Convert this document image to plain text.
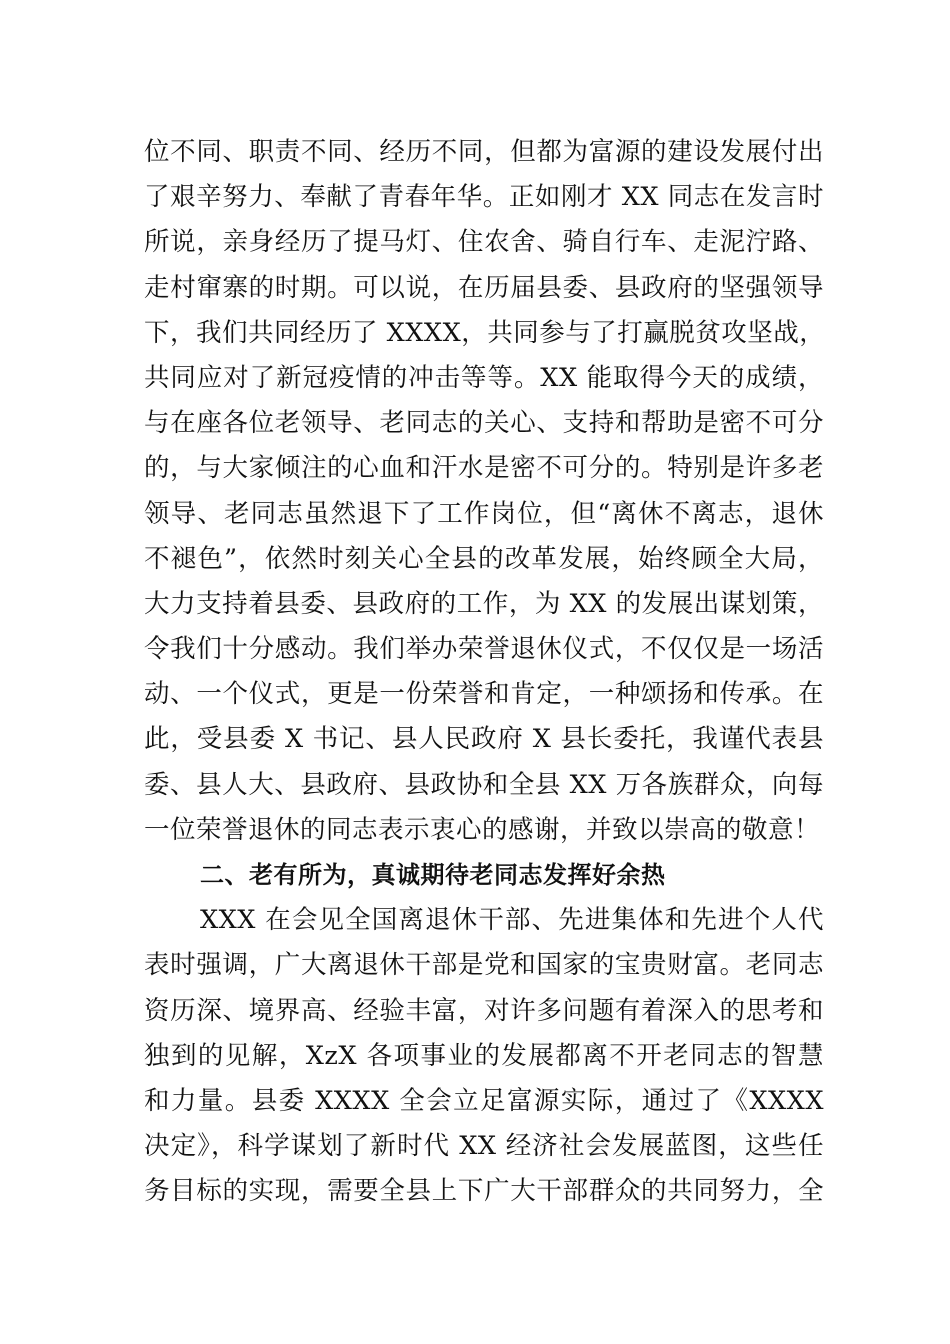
位不同、职责不同、经历不同，但都为富源的建设发展付出
了艰辛努力、奉献了青春年华。正如刚才 XX 同志在发言时
所说，亲身经历了提马灯、住农舍、骑自行车、走泥泞路、
走村窜寨的时期。可以说，在历届县委、县政府的坚强领导
下，我们共同经历了 XXXX，共同参与了打赢脱贫攻坚战，
共同应对了新冠疫情的冲击等等。XX 能取得今天的成绩，
与在座各位老领导、老同志的关心、支持和帮助是密不可分
的，与大家倾注的心血和汗水是密不可分的。特别是许多老
领导、老同志虽然退下了工作岗位，但“离休不离志，退休
不褪色”，依然时刻关心全县的改革发展，始终顾全大局，
大力支持着县委、县政府的工作，为 XX 的发展出谋划策，
令我们十分感动。我们举办荣誉退休仪式，不仅仅是一场活
动、一个仪式，更是一份荣誉和肯定，一种颂扬和传承。在
此，受县委 X 书记、县人民政府 X 县长委托，我谨代表县
委、县人大、县政府、县政协和全县 XX 万各族群众，向每
一位荣誉退休的同志表示衷心的感谢，并致以崇高的敬意！
二、老有所为，真诚期待老同志发挥好余热
XXX 在会见全国离退休干部、先进集体和先进个人代
表时强调，广大离退休干部是党和国家的宝贵财富。老同志
资历深、境界高、经验丰富，对许多问题有着深入的思考和
独到的见解，XzX 各项事业的发展都离不开老同志的智慧
和力量。县委 XXXX 全会立足富源实际，通过了《XXXX
决定》，科学谋划了新时代 XX 经济社会发展蓝图，这些任
务目标的实现，需要全县上下广大干部群众的共同努力，全
